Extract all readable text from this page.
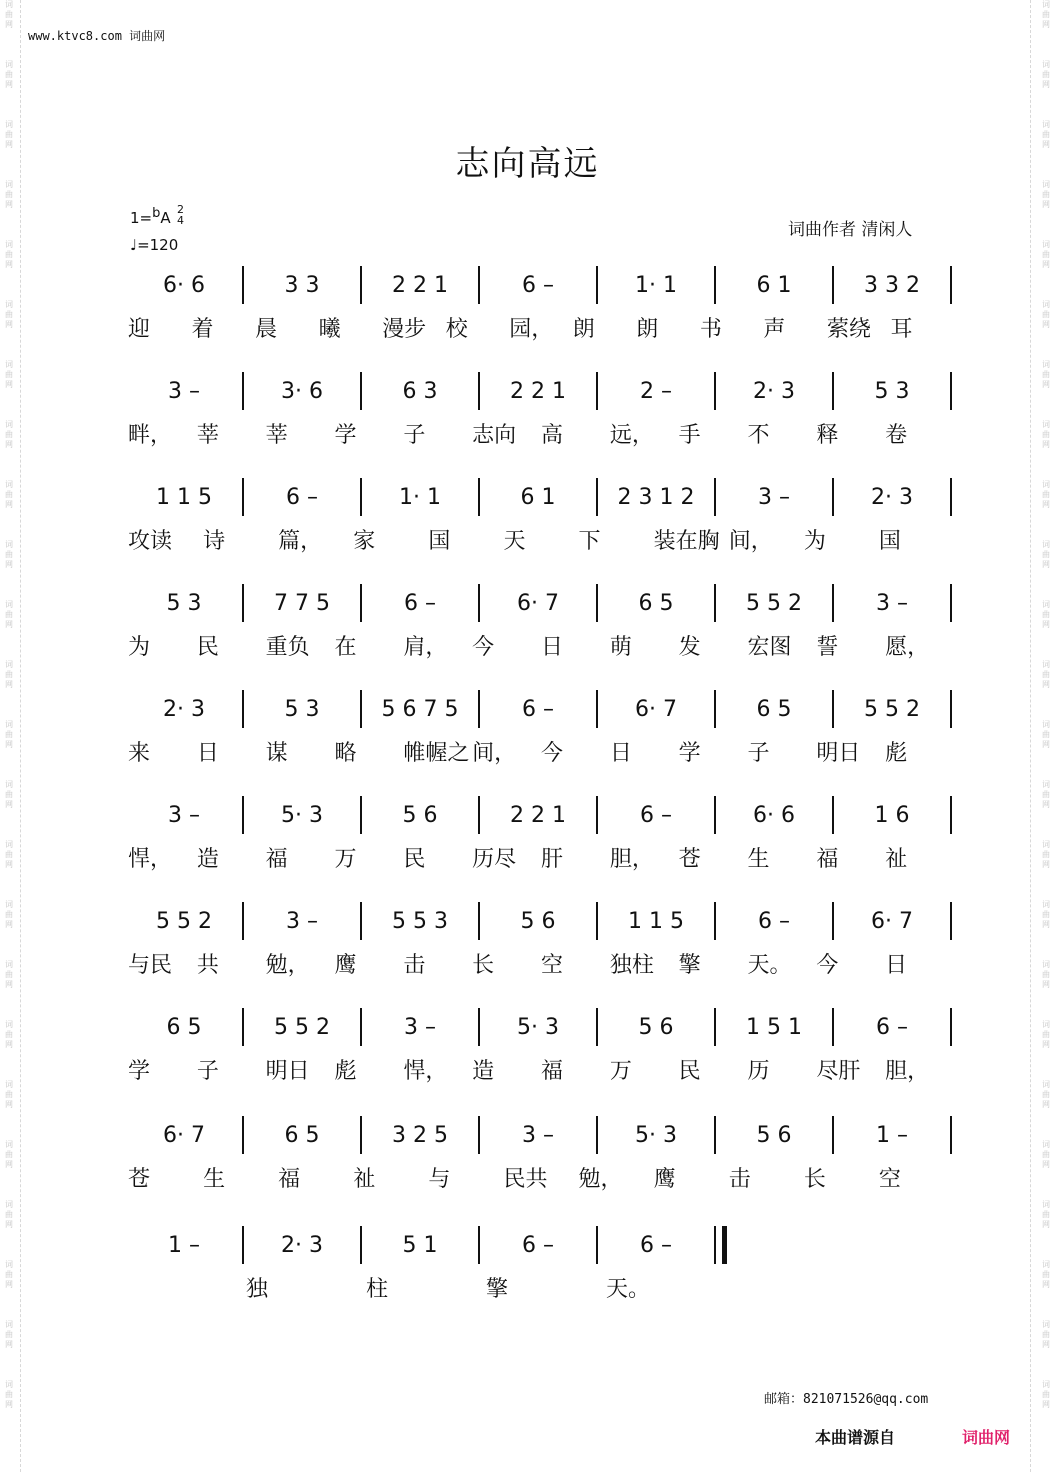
词
曲
网
词
曲
网
词
曲
网
词
曲
网
词
曲
网
词
曲
网
词
曲
网
词
曲
网
词
曲
网
词
曲
网
词
曲
网
词
曲
网
词
曲
网
词
曲
网
词
曲
网
词
曲
网
词
曲
网
词
曲
网
词
曲
网
词
曲
网
词
曲
网
词
曲
网
词
曲
网
词
曲
网
词
曲
网
词
曲
网
词
曲
网
词
曲
网
词
曲
网
词
曲
网
词
曲
网
词
曲
网
词
曲
网
词
曲
网
词
曲
网
词
曲
网
词
曲
网
词
曲
网
词
曲
网
词
曲
网
词
曲
网
词
曲
网
词
曲
网
词
曲
网
词
曲
网
词
曲
网
词
曲
网
词
曲
网
www.ktvc8.com 词曲网
志向高远
1=$^b$A 2
4
♩=120
词曲作者 清闲人
6· 6	3 3	2 2 1	6 –	1· 1	6 1	3 3 2
迎 着 晨 曦 漫步 校 园， 朗 朗 书 声 萦绕 耳
3 –	3· 6	6 3	2 2 1	2 –	2· 3	5 3
畔， 莘 莘 学 子 志向 高 远， 手 不 释 卷
1 1 5	6 –	1· 1	6 1	2 3 1 2	3 –	2· 3
攻读 诗 篇， 家 国 天 下 装在胸 间， 为 国
5 3	7 7 5	6 –	6· 7	6 5	5 5 2	3 –
为 民 重负 在 肩， 今 日 萌 发 宏图 誓 愿，
2· 3	5 3	5 6 7 5	6 –	6· 7	6 5	5 5 2
来 日 谋 略 帷幄之 间， 今 日 学 子 明日 彪
3 –	5· 3	5 6	2 2 1	6 –	6· 6	1 6
悍， 造 福 万 民 历尽 肝 胆， 苍 生 福 祉
5 5 2	3 –	5 5 3	5 6	1 1 5	6 –	6· 7
与民 共 勉， 鹰 击 长 空 独柱 擎 天。 今 日
6 5	5 5 2	3 –	5· 3	5 6	1 5 1	6 –
学 子 明日 彪 悍， 造 福 万 民 历 尽肝 胆，
6· 7	6 5	3 2 5	3 –	5· 3	5 6	1 –
苍 生 福 祉 与 民共 勉， 鹰 击 长 空
1 –	2· 3	5 1	6 –	6 –
独	柱	擎	天。
邮箱：821071526@qq.com
本曲谱源自	词曲网
